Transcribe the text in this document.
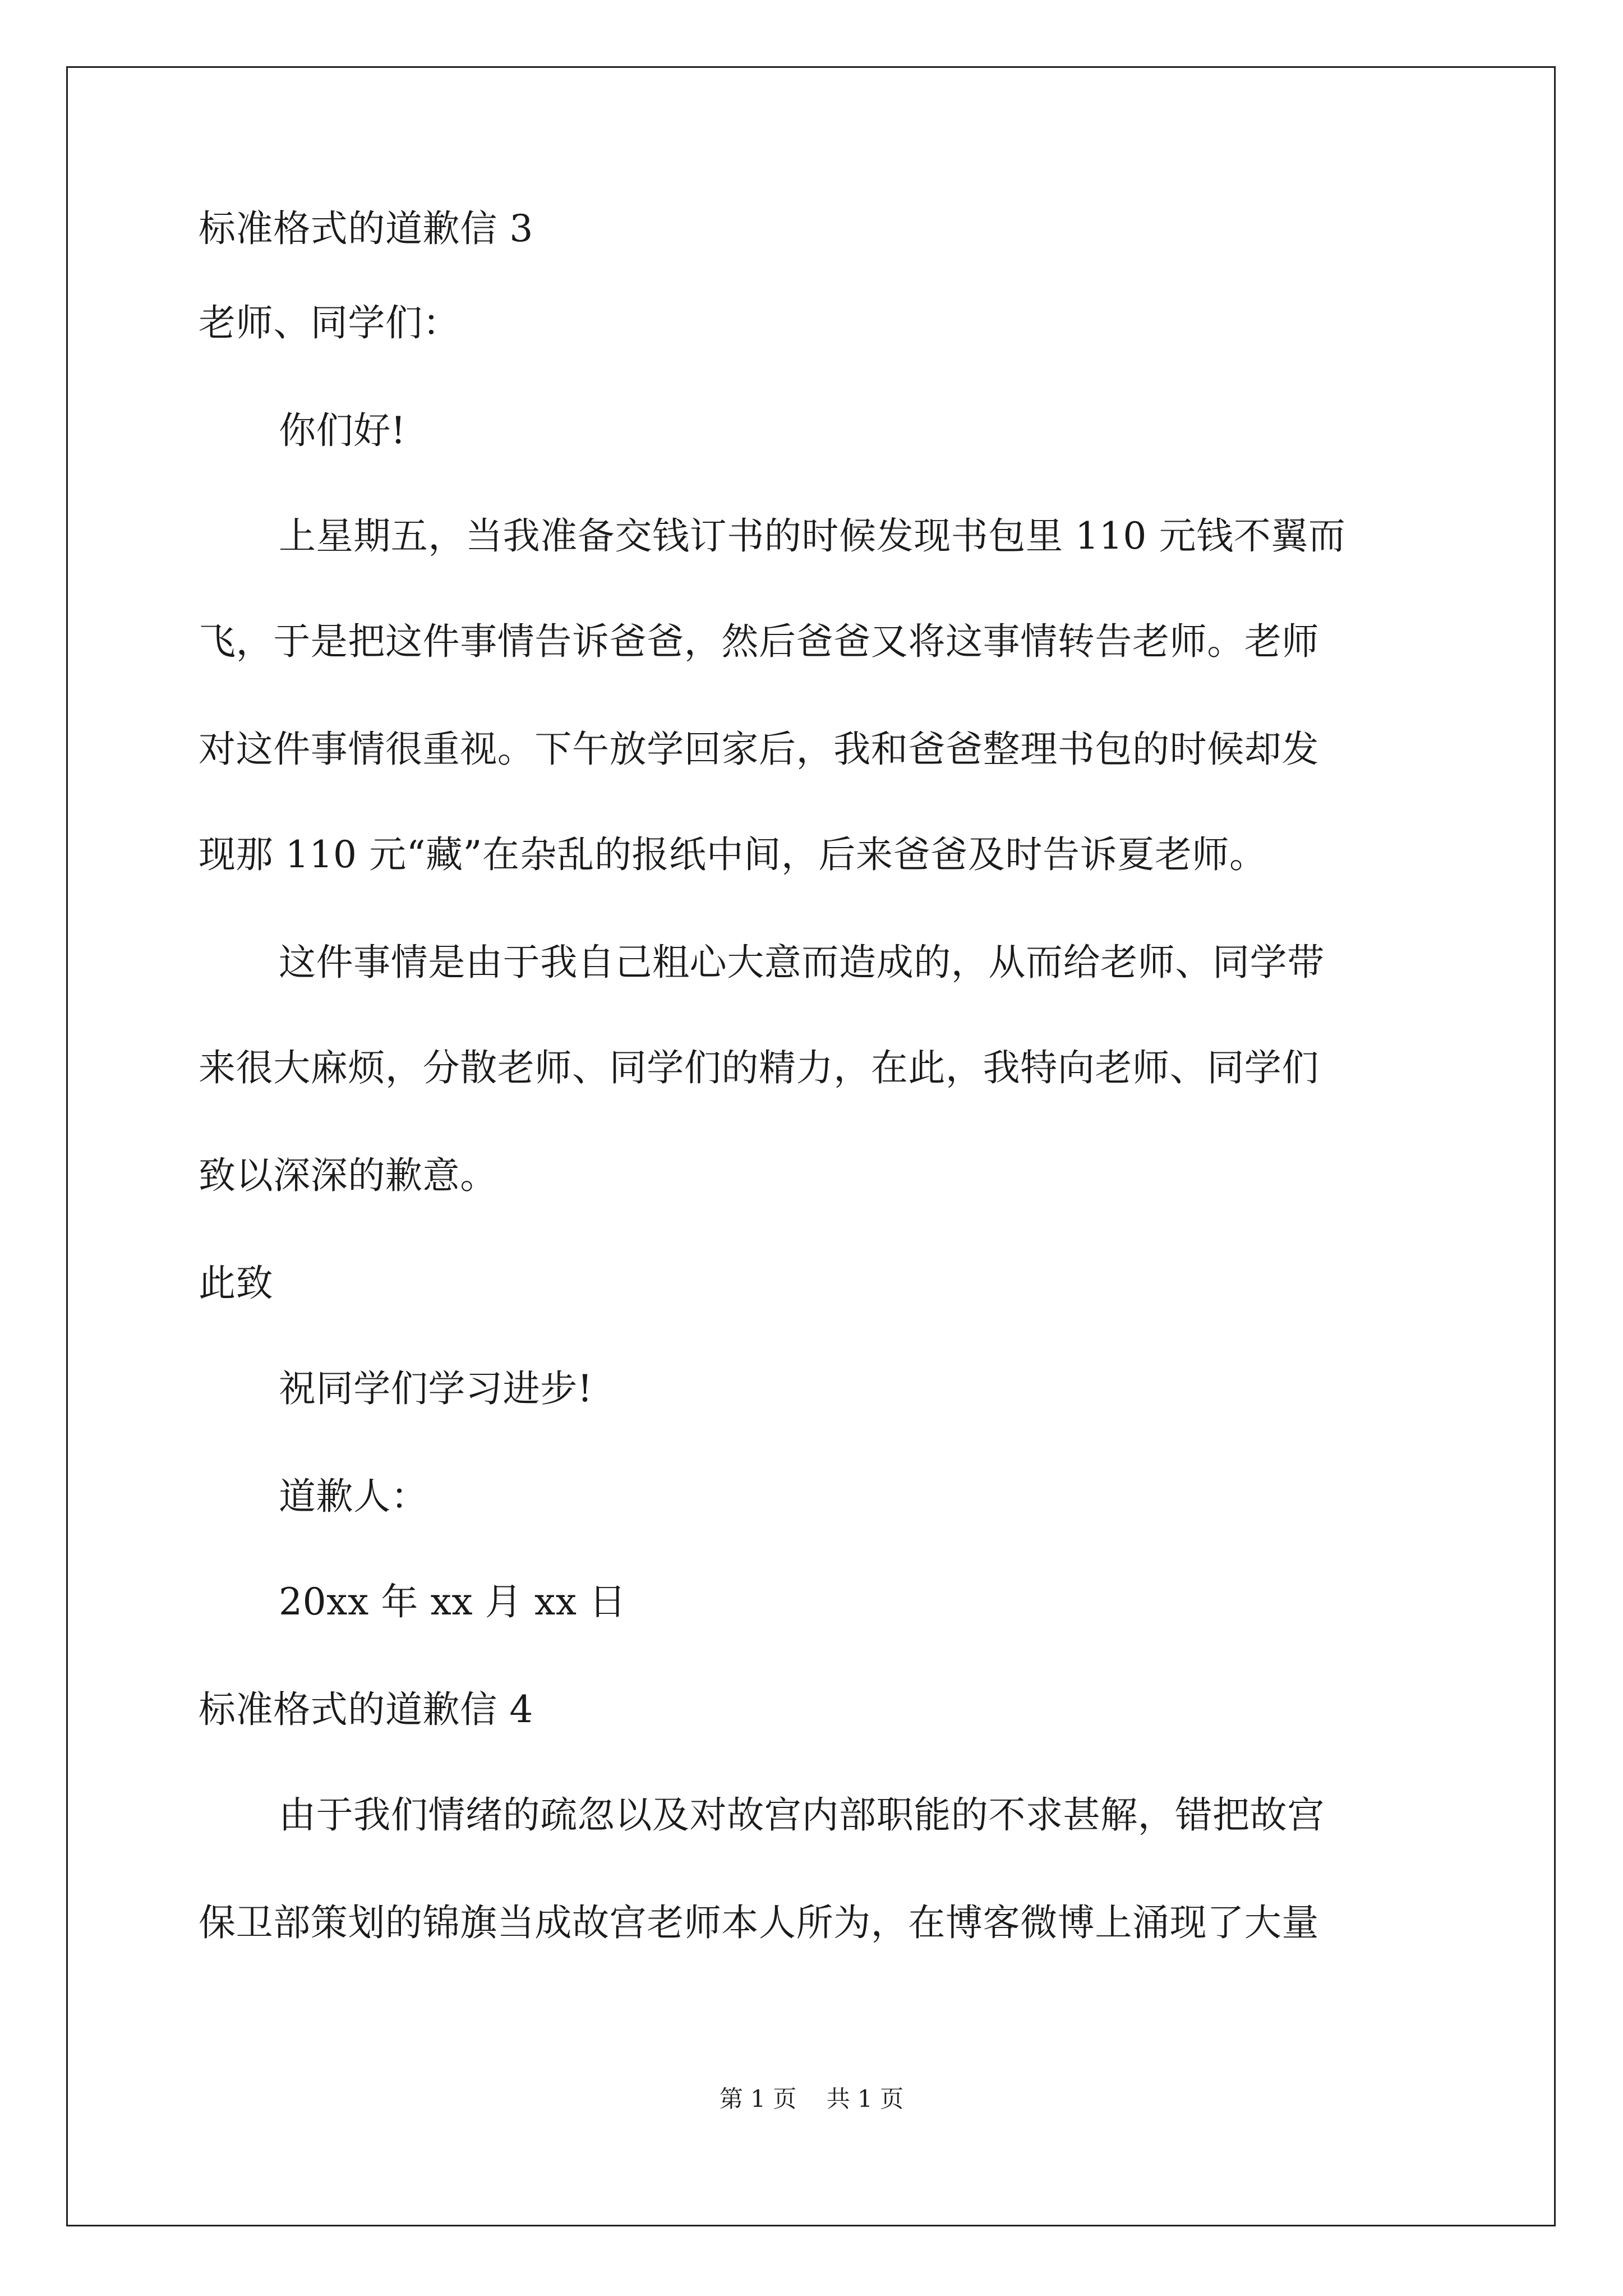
标准格式的道歉信 3

老师、同学们：

你们好!

上星期五，当我准备交钱订书的时候发现书包里 110 元钱不翼而

飞，于是把这件事情告诉爸爸，然后爸爸又将这事情转告老师。老师

对这件事情很重视。下午放学回家后，我和爸爸整理书包的时候却发

现那 110 元“藏”在杂乱的报纸中间，后来爸爸及时告诉夏老师。

这件事情是由于我自己粗心大意而造成的，从而给老师、同学带

来很大麻烦，分散老师、同学们的精力，在此，我特向老师、同学们

致以深深的歉意。

此致

祝同学们学习进步!

道歉人：

20xx 年 xx 月 xx 日

标准格式的道歉信 4

由于我们情绪的疏忽以及对故宫内部职能的不求甚解，错把故宫

保卫部策划的锦旗当成故宫老师本人所为，在博客微博上涌现了大量

第 1 页    共 1 页
